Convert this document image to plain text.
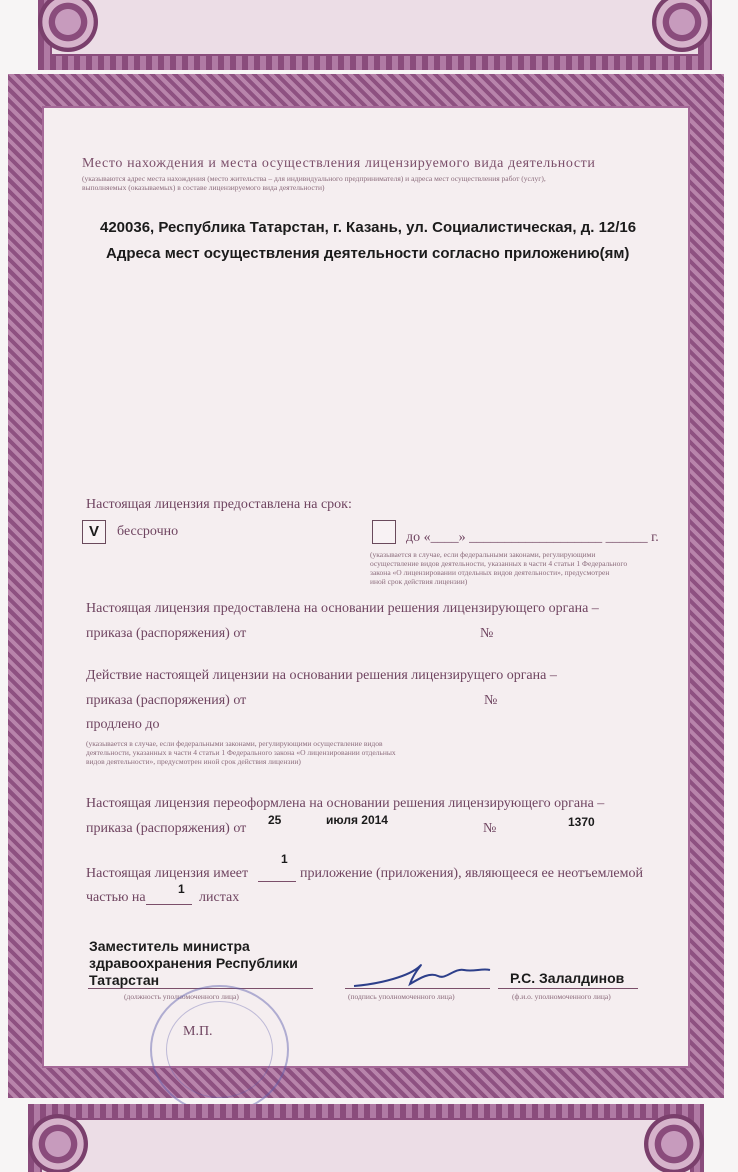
Место нахождения и места осуществления лицензируемого вида деятельности
(указываются адрес места нахождения (место жительства – для индивидуального предпринимателя) и адреса мест осуществления работ (услуг),
выполняемых (оказываемых) в составе лицензируемого вида деятельности)
420036, Республика Татарстан, г. Казань, ул. Социалистическая, д. 12/16
Адреса мест осуществления деятельности согласно приложению(ям)
Настоящая лицензия предоставлена на срок:
V	бессрочно	до «____» ___________________ ______ г.
(указывается в случае, если федеральными законами, регулирующими
осуществление видов деятельности, указанных в части 4 статьи 1 Федерального
закона «О лицензировании отдельных видов деятельности», предусмотрен
иной срок действия лицензии)
Настоящая лицензия предоставлена на основании решения лицензирующего органа –
приказа (распоряжения) от	№
Действие настоящей лицензии на основании решения лицензирущего органа –
приказа (распоряжения) от	№
продлено до
(указывается в случае, если федеральными законами, регулирующими осуществление видов
деятельности, указанных в части 4 статьи 1 Федерального закона «О лицензировании отдельных
видов деятельности», предусмотрен иной срок действия лицензии)
Настоящая лицензия переоформлена на основании решения лицензирующего органа –
приказа (распоряжения) от
25	июля 2014
№	1370
Настоящая лицензия имеет
1
приложение (приложения), являющееся ее неотъемлемой
частью на
1
листах
Заместитель министра
здравоохранения Республики
Татарстан
(должность уполномоченного лица)	(подпись уполномоченного лица)
Р.С. Залалдинов
(ф.и.о. уполномоченного лица)
М.П.
